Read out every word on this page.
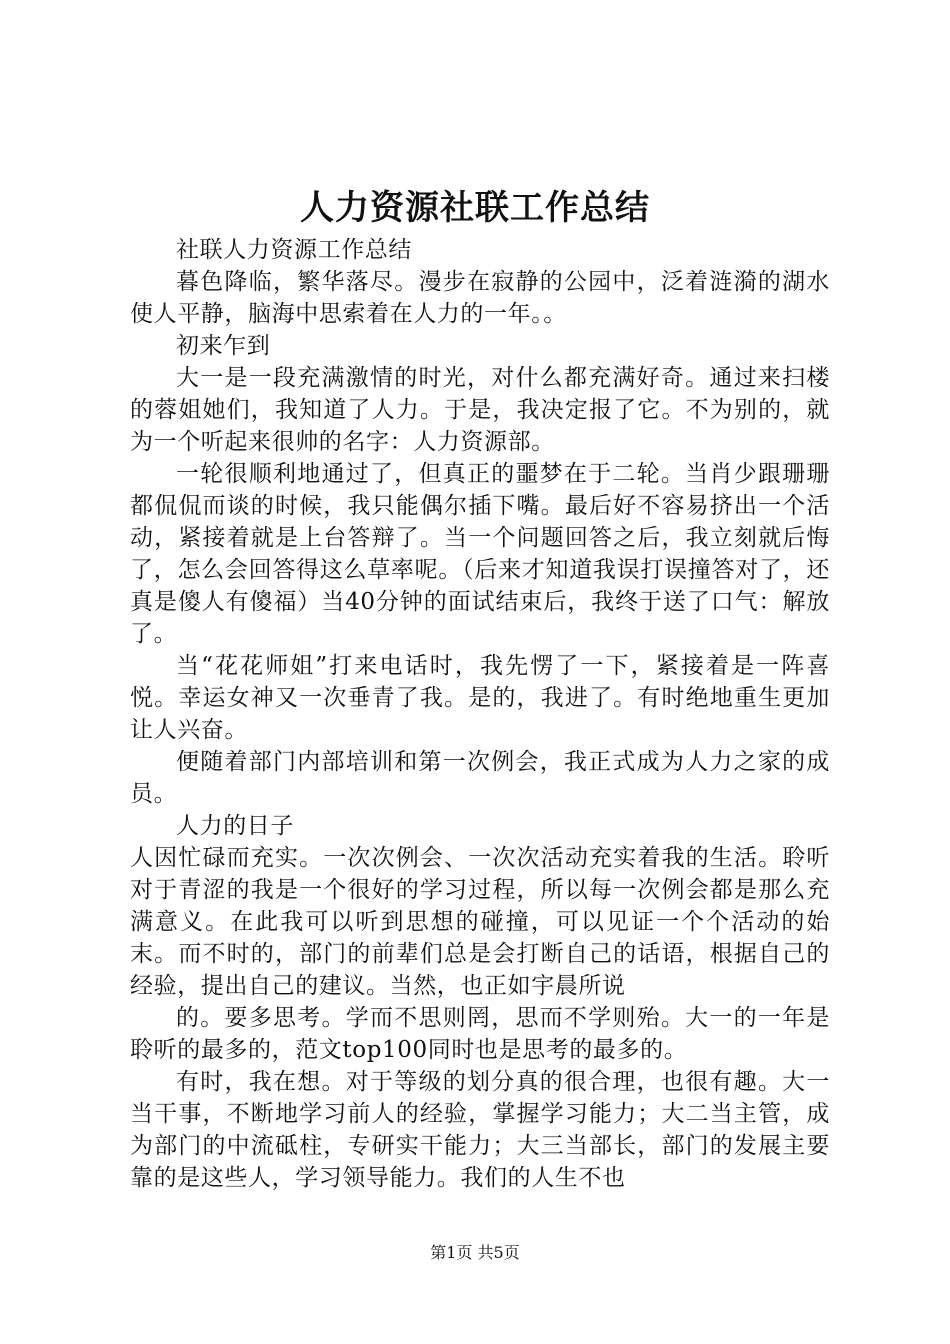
人力资源社联工作总结

社联人力资源工作总结

暮色降临，繁华落尽。漫步在寂静的公园中，泛着涟漪的湖水使人平静，脑海中思索着在人力的一年。。

初来乍到

大一是一段充满激情的时光，对什么都充满好奇。通过来扫楼的蓉姐她们，我知道了人力。于是，我决定报了它。不为别的，就为一个听起来很帅的名字：人力资源部。

一轮很顺利地通过了，但真正的噩梦在于二轮。当肖少跟珊珊都侃侃而谈的时候，我只能偶尔插下嘴。最后好不容易挤出一个活动，紧接着就是上台答辩了。当一个问题回答之后，我立刻就后悔了，怎么会回答得这么草率呢。（后来才知道我误打误撞答对了，还真是傻人有傻福）当40分钟的面试结束后，我终于送了口气：解放了。

当“花花师姐”打来电话时，我先愣了一下，紧接着是一阵喜悦。幸运女神又一次垂青了我。是的，我进了。有时绝地重生更加让人兴奋。

便随着部门内部培训和第一次例会，我正式成为人力之家的成员。

人力的日子

人因忙碌而充实。一次次例会、一次次活动充实着我的生活。聆听对于青涩的我是一个很好的学习过程，所以每一次例会都是那么充满意义。在此我可以听到思想的碰撞，可以见证一个个活动的始末。而不时的，部门的前辈们总是会打断自己的话语，根据自己的经验，提出自己的建议。当然，也正如宇晨所说

的。要多思考。学而不思则罔，思而不学则殆。大一的一年是聆听的最多的，范文top100同时也是思考的最多的。

有时，我在想。对于等级的划分真的很合理，也很有趣。大一当干事，不断地学习前人的经验，掌握学习能力；大二当主管，成为部门的中流砥柱，专研实干能力；大三当部长，部门的发展主要靠的是这些人，学习领导能力。我们的人生不也

第1页 共5页
